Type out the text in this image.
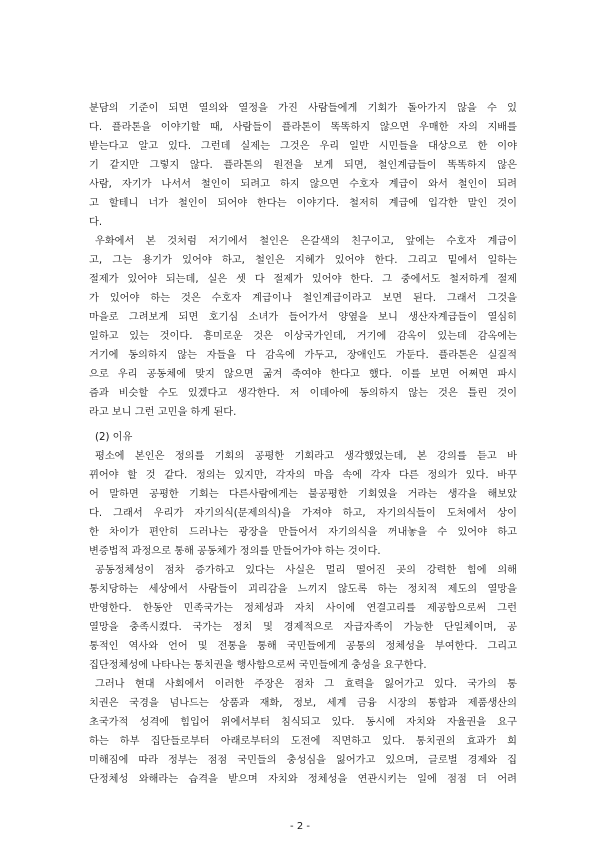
분담의 기준이 되면 열의와 열정을 가진 사람들에게 기회가 돌아가지 않을 수 있
다. 플라톤을 이야기할 때, 사람들이 플라톤이 똑똑하지 않으면 우매한 자의 지배를
받는다고 알고 있다. 그런데 실제는 그것은 우리 일반 시민들을 대상으로 한 이야
기 같지만 그렇지 않다. 플라톤의 원전을 보게 되면, 철인계급들이 똑똑하지 않은
사람, 자기가 나서서 철인이 되려고 하지 않으면 수호자 계급이 와서 철인이 되려
고 할테니 너가 철인이 되어야 한다는 이야기다. 철저히 계급에 입각한 말인 것이
다.
우화에서 본 것처럼 저기에서 철인은 은갈색의 친구이고, 앞에는 수호자 계급이
고, 그는 용기가 있어야 하고, 철인은 지혜가 있어야 한다. 그리고 밑에서 일하는
절제가 있어야 되는데, 실은 셋 다 절제가 있어야 한다. 그 중에서도 철저하게 절제
가 있어야 하는 것은 수호자 계급이나 철인계급이라고 보면 된다. 그래서 그것을
마을로 그려보게 되면 호기심 소녀가 들어가서 양옆을 보니 생산자계급들이 열심히
일하고 있는 것이다. 흥미로운 것은 이상국가인데, 거기에 감옥이 있는데 감옥에는
거기에 동의하지 않는 자들을 다 감옥에 가두고, 장애인도 가둔다. 플라톤은 실질적
으로 우리 공동체에 맞지 않으면 굶겨 죽여야 한다고 했다. 이를 보면 어쩌면 파시
즘과 비슷할 수도 있겠다고 생각한다. 저 이데아에 동의하지 않는 것은 틀린 것이
라고 보니 그런 고민을 하게 된다.
(2) 이유
평소에 본인은 정의를 기회의 공평한 기회라고 생각했었는데, 본 강의를 듣고 바
뀌어야 할 것 같다. 정의는 있지만, 각자의 마음 속에 각자 다른 정의가 있다. 바꾸
어 말하면 공평한 기회는 다른사람에게는 불공평한 기회였을 거라는 생각을 해보았
다. 그래서 우리가 자기의식(문제의식)을 가져야 하고, 자기의식들이 도처에서 상이
한 차이가 편안히 드러나는 광장을 만들어서 자기의식을 꺼내놓을 수 있어야 하고
변증법적 과정으로 통해 공동체가 정의를 만들어가야 하는 것이다.
공동정체성이 점차 증가하고 있다는 사실은 멀리 떨어진 곳의 강력한 힘에 의해
통치당하는 세상에서 사람들이 괴리감을 느끼지 않도록 하는 정치적 제도의 열망을
반영한다. 한동안 민족국가는 정체성과 자치 사이에 연결고리를 제공함으로써 그런
열망을 충족시켰다. 국가는 정치 및 경제적으로 자급자족이 가능한 단일체이며, 공
통적인 역사와 언어 및 전통을 통해 국민들에게 공통의 정체성을 부여한다. 그리고
집단정체성에 나타나는 통치권을 행사함으로써 국민들에게 충성을 요구한다.
그러나 현대 사회에서 이러한 주장은 점차 그 효력을 잃어가고 있다. 국가의 통
치권은 국경을 넘나드는 상품과 재화, 정보, 세계 금융 시장의 통합과 제품생산의
초국가적 성격에 힘입어 위에서부터 침식되고 있다. 동시에 자치와 자율권을 요구
하는 하부 집단들로부터 아래로부터의 도전에 직면하고 있다. 통치권의 효과가 희
미해짐에 따라 정부는 점점 국민들의 충성심을 잃어가고 있으며, 글로벌 경제와 집
단정체성 와해라는 습격을 받으며 자치와 정체성을 연관시키는 일에 점점 더 어려
- 2 -
